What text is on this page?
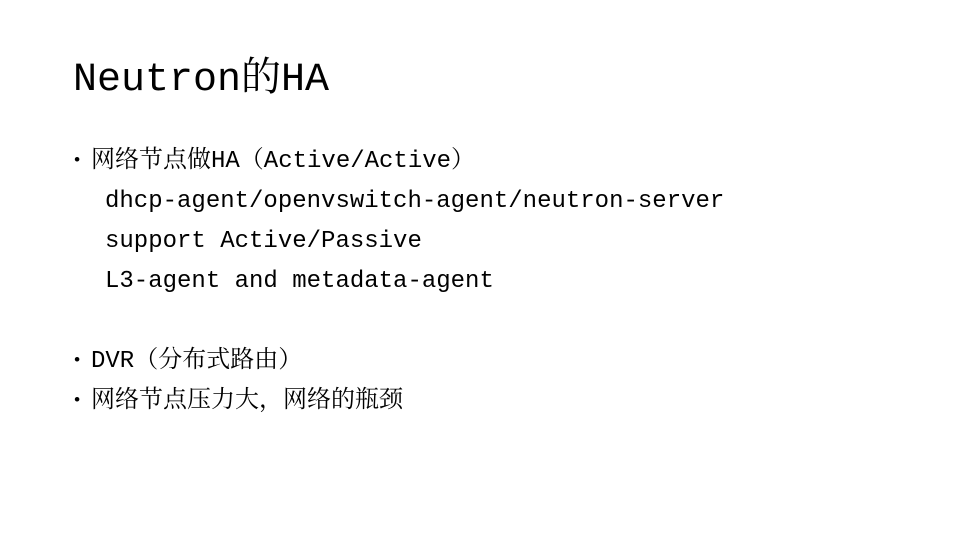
Neutron的HA
• 网络节点做HA（Active/Active）
dhcp-agent/openvswitch-agent/neutron-server
support Active/Passive
L3-agent and metadata-agent
• DVR（分布式路由）
• 网络节点压力大，网络的瓶颈
